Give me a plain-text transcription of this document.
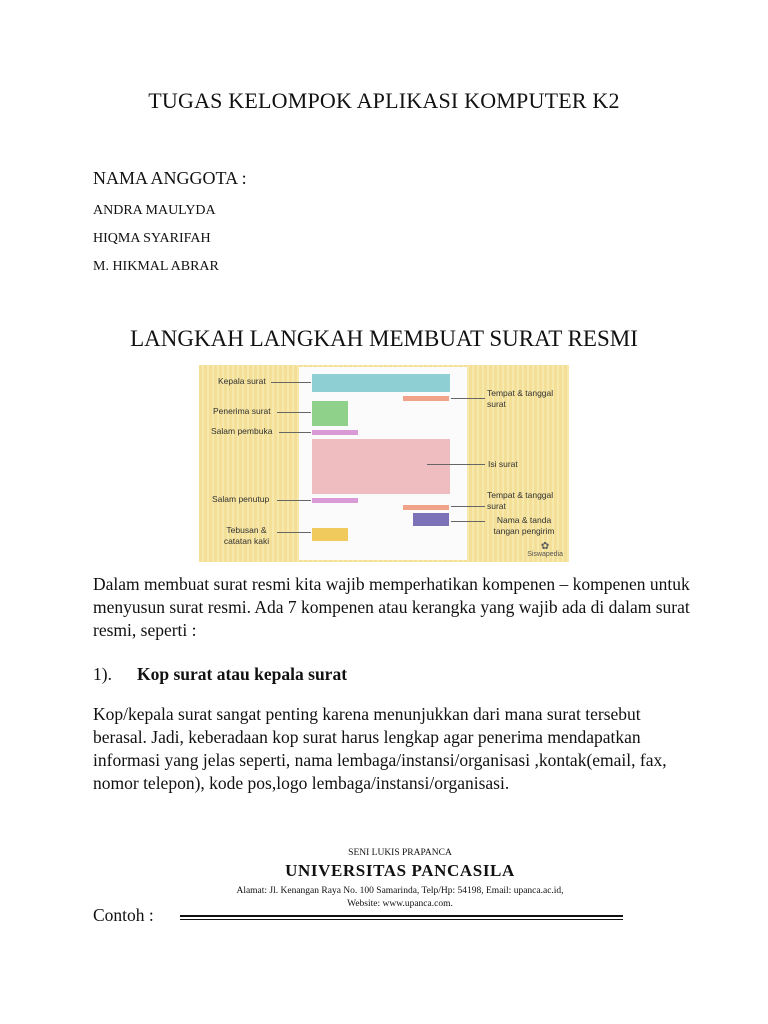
TUGAS KELOMPOK APLIKASI KOMPUTER K2
NAMA ANGGOTA :
ANDRA MAULYDA
HIQMA SYARIFAH
M. HIKMAL ABRAR
LANGKAH LANGKAH MEMBUAT SURAT RESMI
Kepala surat
Penerima surat
Salam pembuka
Salam penutup
Tebusan & catatan kaki
Tempat & tanggal surat
Isi surat
Tempat & tanggal surat
Nama & tanda tangan pengirim
✿
Siswapedia
Dalam membuat surat resmi kita wajib memperhatikan kompenen – kompenen untuk menyusun surat resmi. Ada 7 kompenen atau kerangka yang wajib ada di dalam surat resmi, seperti :
1). Kop surat atau kepala surat
Kop/kepala surat sangat penting karena menunjukkan dari mana surat tersebut berasal. Jadi, keberadaan kop surat harus lengkap agar penerima mendapatkan informasi yang jelas seperti, nama lembaga/instansi/organisasi ,kontak(email, fax, nomor telepon), kode pos,logo lembaga/instansi/organisasi.
SENI LUKIS PRAPANCA
UNIVERSITAS PANCASILA
Alamat: Jl. Kenangan Raya No. 100 Samarinda, Telp/Hp: 54198, Email: upanca.ac.id,
Website: www.upanca.com.
Contoh :
